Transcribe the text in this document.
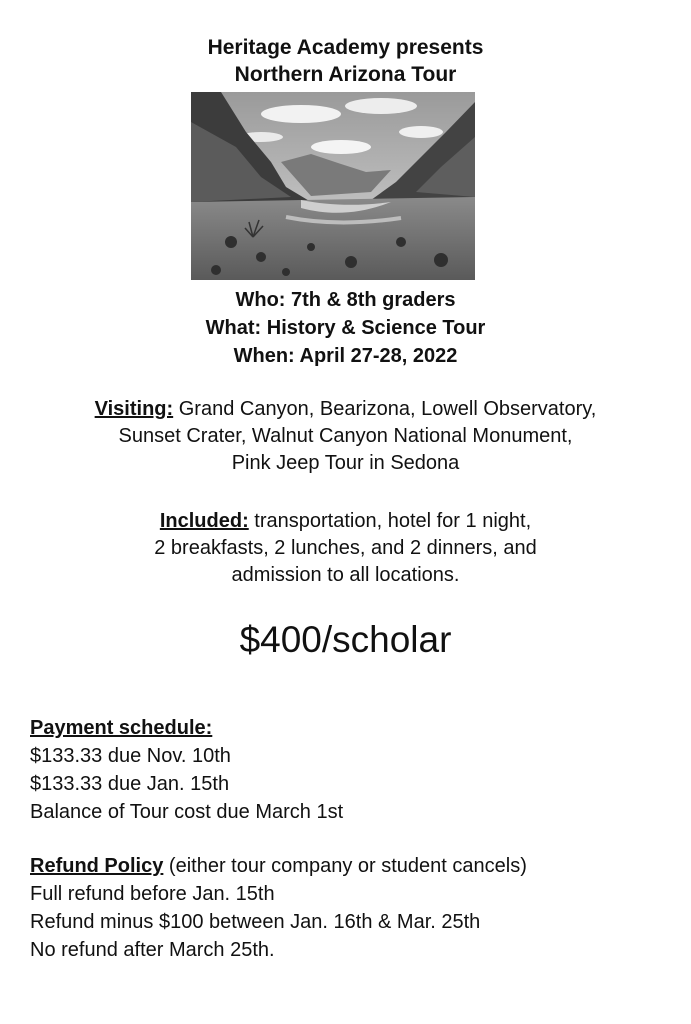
Heritage Academy presents
Northern Arizona Tour
Who: 7th & 8th graders
What: History & Science Tour
When: April 27-28, 2022
Visiting: Grand Canyon, Bearizona, Lowell Observatory,
Sunset Crater, Walnut Canyon National Monument,
Pink Jeep Tour in Sedona
Included: transportation, hotel for 1 night,
2 breakfasts, 2 lunches, and 2 dinners, and
admission to all locations.
$400/scholar
Payment schedule:
$133.33 due Nov. 10th
$133.33 due Jan. 15th
Balance of Tour cost due March 1st
Refund Policy (either tour company or student cancels)
Full refund before Jan. 15th
Refund minus $100 between Jan. 16th & Mar. 25th
No refund after March 25th.
